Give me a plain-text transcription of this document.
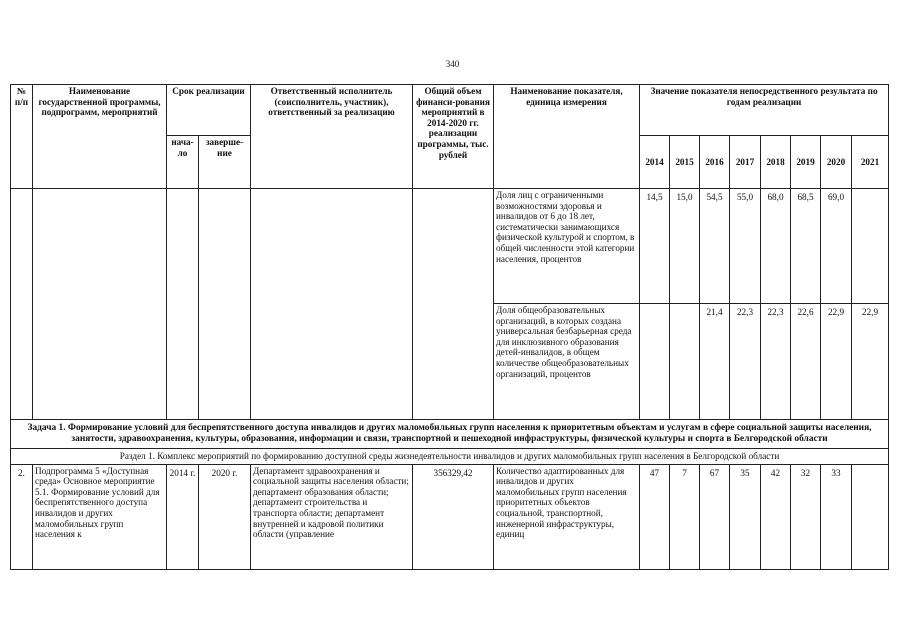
340
№ п/п	Наименование государственной программы, подпрограмм, мероприятий	Срок реализации		Ответственный исполнитель (соисполнитель, участник), ответственный за реализацию	Общий объем финанси-рования мероприятий в 2014-2020 гг. реализации программы, тыс. рублей	Наименование показателя, единица измерения	Значение показателя непосредственного результата по годам реализации							
		нача-ло	заверше-ние				2014	2015	2016	2017	2018	2019	2020	2021
						Доля лиц с ограниченными возможностями здоровья и инвалидов от 6 до 18 лет, систематически занимающихся физической культурой и спортом, в общей численности этой категории населения, процентов	14,5	15,0	54,5	55,0	68,0	68,5	69,0	
						Доля общеобразовательных организаций, в которых создана универсальная безбарьерная среда для инклюзивного образования детей-инвалидов, в общем количестве общеобразовательных организаций, процентов			21,4	22,3	22,3	22,6	22,9	22,9
Задача 1. Формирование условий для беспрепятственного доступа инвалидов и других маломобильных групп населения к приоритетным объектам и услугам в сфере социальной защиты населения, занятости, здравоохранения, культуры, образования, информации и связи, транспортной и пешеходной инфраструктуры, физической культуры и спорта в Белгородской области														
Раздел 1. Комплекс мероприятий по формированию доступной среды жизнедеятельности инвалидов и других маломобильных групп населения в Белгородской области														
2.	Подпрограмма 5 «Доступная среда» Основное мероприятие 5.1. Формирование условий для беспрепятственного доступа инвалидов и других маломобильных групп населения к	2014 г.	2020 г.	Департамент здравоохранения и социальной защиты населения области; департамент образования области; департамент строительства и транспорта области; департамент внутренней и кадровой политики области (управление	356329,42	Количество адаптированных для инвалидов и других маломобильных групп населения приоритетных объектов социальной, транспортной, инженерной инфраструктуры, единиц	47	7	67	35	42	32	33	
